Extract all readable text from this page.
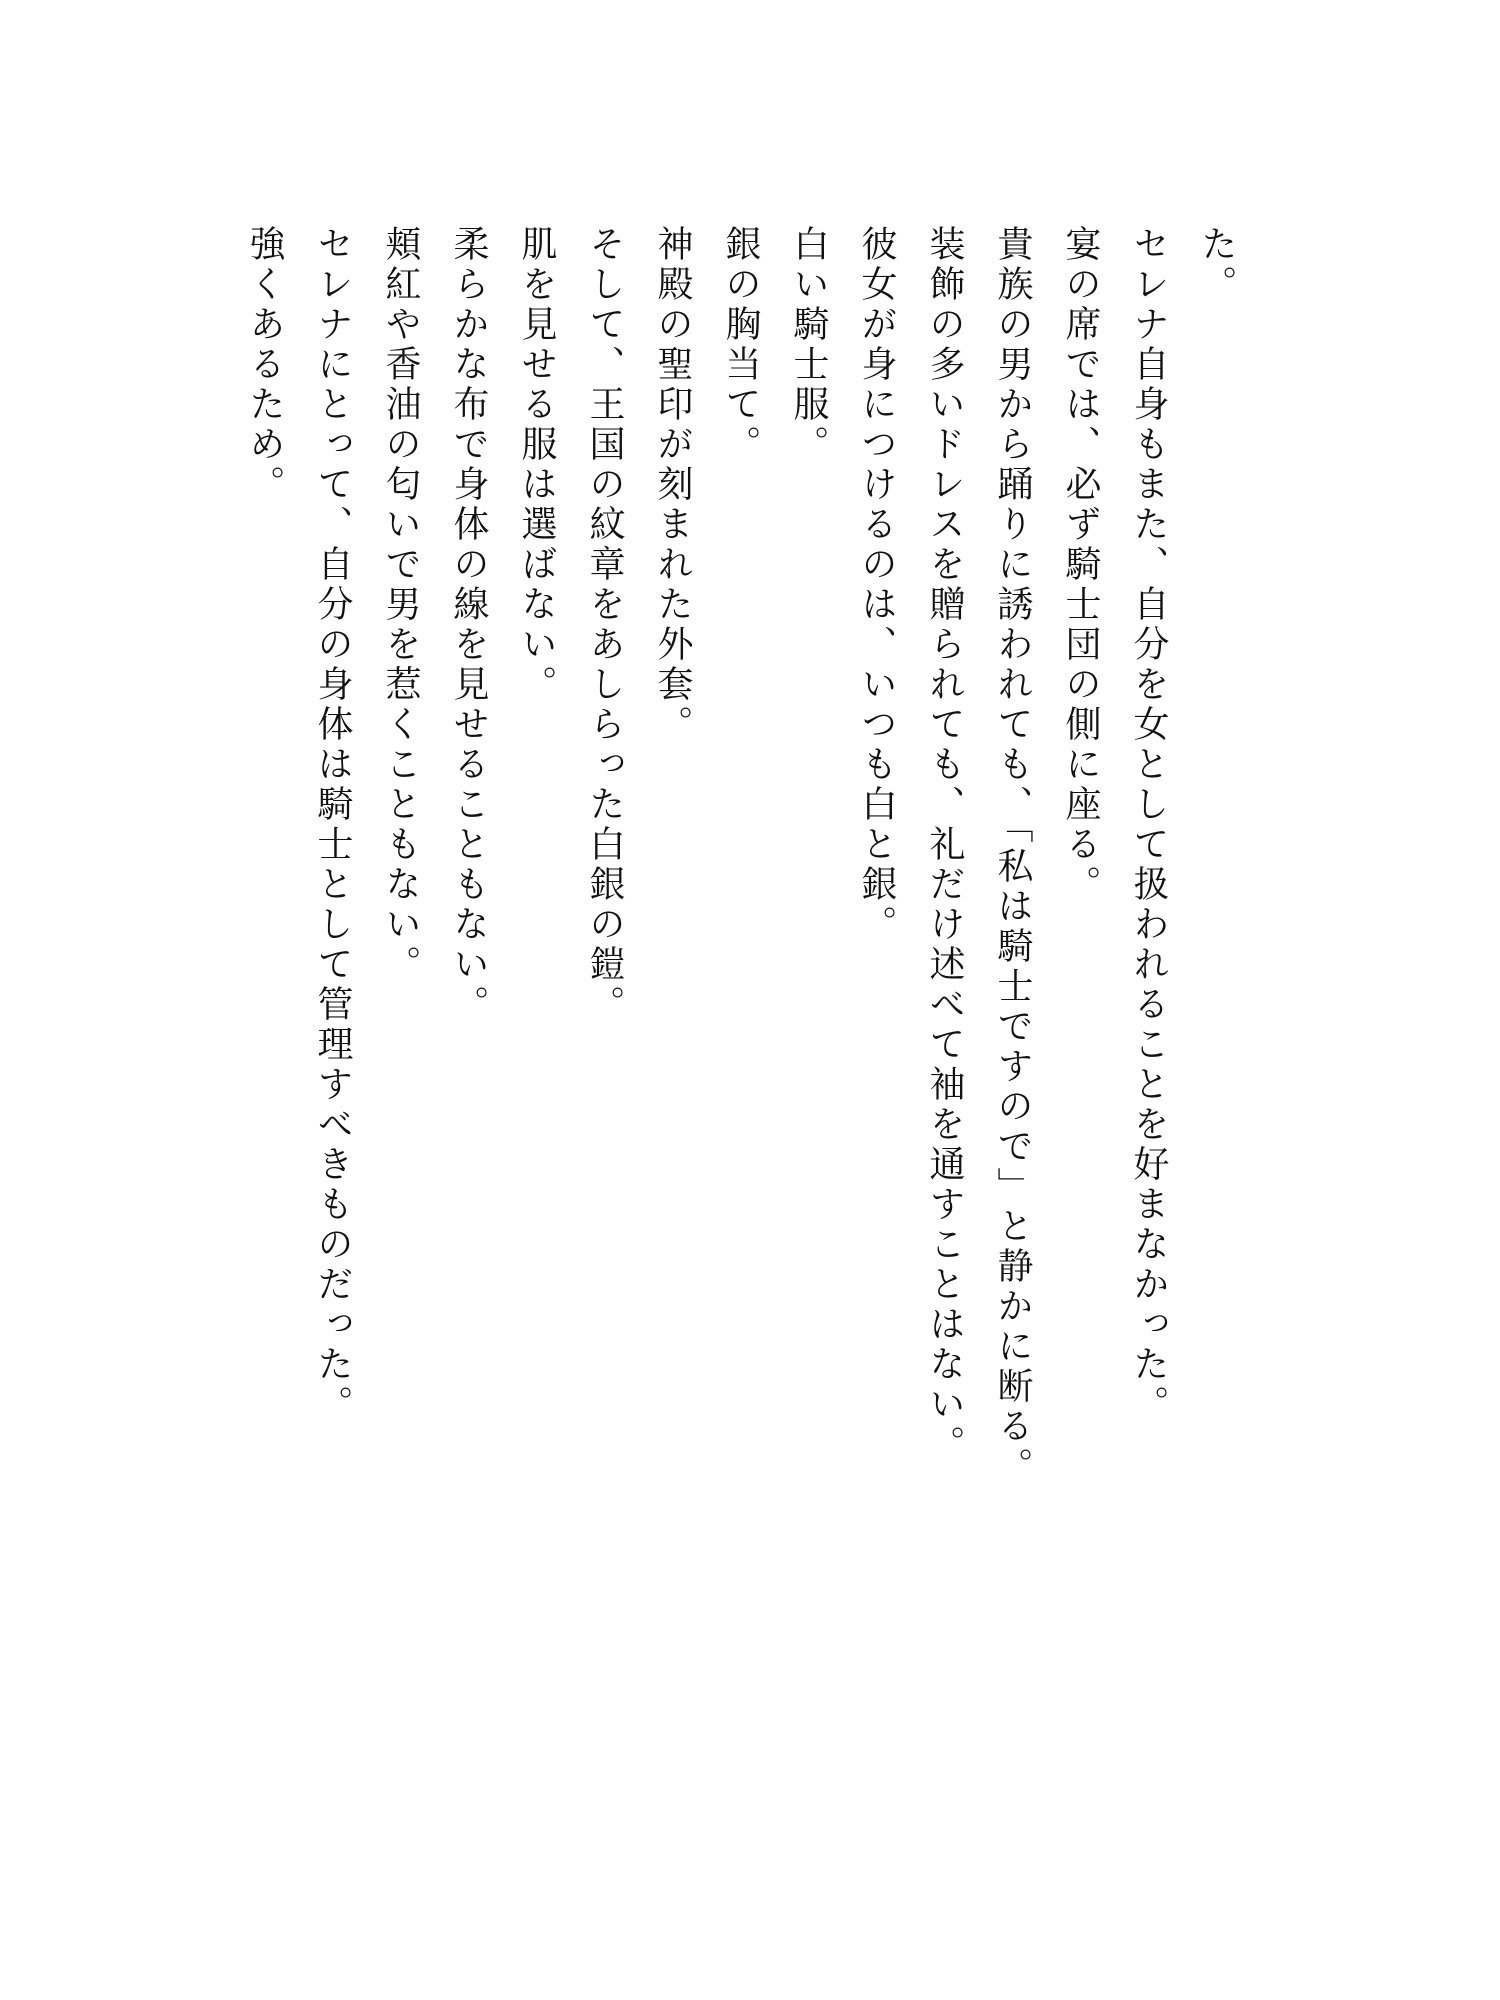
た。
セレナ自身もまた、自分を女として扱われることを好まなかった。
宴の席では、必ず騎士団の側に座る。
貴族の男から踊りに誘われても、「私は騎士ですので」と静かに断る。
装飾の多いドレスを贈られても、礼だけ述べて袖を通すことはない。
彼女が身につけるのは、いつも白と銀。
白い騎士服。
銀の胸当て。
神殿の聖印が刻まれた外套。
そして、王国の紋章をあしらった白銀の鎧。
肌を見せる服は選ばない。
柔らかな布で身体の線を見せることもない。
頬紅や香油の匂いで男を惹くこともない。
セレナにとって、自分の身体は騎士として管理すべきものだった。
強くあるため。
